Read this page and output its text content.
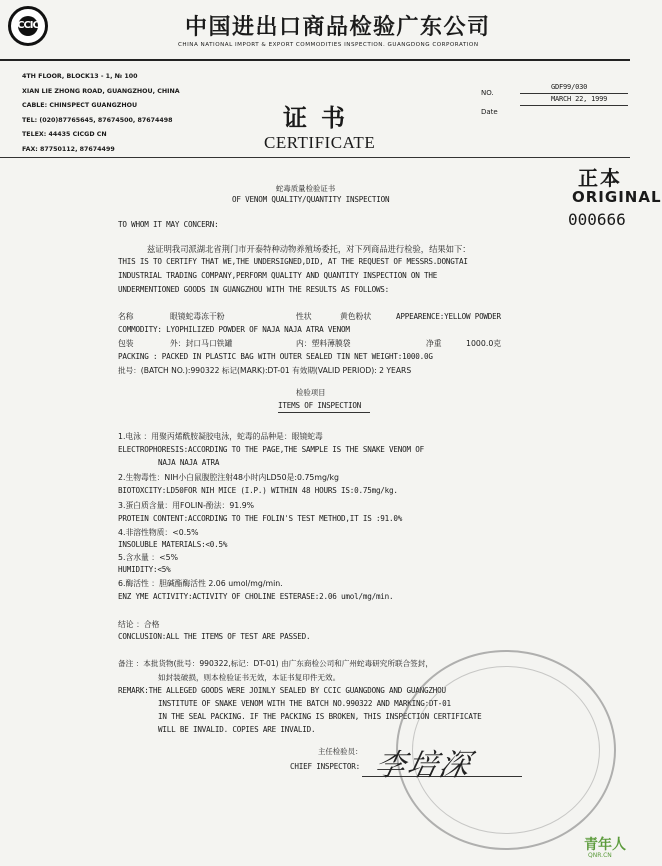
CCIC	中国进出口商品检验广东公司
CHINA NATIONAL IMPORT & EXPORT COMMODITIES INSPECTION. GUANGDONG CORPORATION
4TH FLOOR, BLOCK13 - 1, № 100
XIAN LIE ZHONG ROAD, GUANGZHOU, CHINA
CABLE: CHINSPECT GUANGZHOU
TEL: (020)87765645, 87674500, 87674498
TELEX: 44435 CICGD CN
FAX: 87750112, 87674499
证书
CERTIFICATE
NO.
GDF99/030
Date
MARCH 22, 1999
正本
ORIGINAL
000666
蛇毒质量检验证书
OF VENOM QUALITY/QUANTITY INSPECTION
TO WHOM IT MAY CONCERN:
兹证明我司派湖北省荆门市开泰特种动物养殖场委托，对下列商品进行检验，结果如下：
THIS IS TO CERTIFY THAT WE,THE UNDERSIGNED,DID, AT THE REQUEST OF MESSRS.DONGTAI
INDUSTRIAL TRADING COMPANY,PERFORM QUALITY AND QUANTITY INSPECTION ON THE
UNDERMENTIONED GOODS IN GUANGZHOU WITH THE RESULTS AS FOLLOWS:
名称	眼镜蛇毒冻干粉	性状	黄色粉状	APPEARENCE:YELLOW POWDER
COMMODITY: LYOPHILIZED POWDER OF NAJA NAJA ATRA VENOM
包装	外：封口马口铁罐	内：塑料薄膜袋	净重	1000.0克
PACKING : PACKED IN PLASTIC BAG WITH OUTER SEALED TIN NET WEIGHT:1000.0G
批号：(BATCH NO.):990322 标记(MARK):DT-01 有效期(VALID PERIOD): 2 YEARS
检验项目
ITEMS OF INSPECTION
1.电泳 ：用聚丙烯酰胺凝胶电泳，蛇毒的品种是：眼镜蛇毒
ELECTROPHORESIS:ACCORDING TO THE PAGE,THE SAMPLE IS THE SNAKE VENOM OF
NAJA NAJA ATRA
2.生物毒性：NIH小白鼠腹腔注射48小时内LD50是:0.75mg/kg
BIOTOXCITY:LD50FOR NIH MICE (I.P.) WITHIN 48 HOURS IS:0.75mg/kg.
3.蛋白质含量：用FOLIN-酚法：91.9%
PROTEIN CONTENT:ACCORDING TO THE FOLIN'S TEST METHOD,IT IS :91.0%
4.非溶性物质：<0.5%
INSOLUBLE MATERIALS:<0.5%
5.含水量 ：<5%
HUMIDITY:<5%
6.酶活性 ：胆碱酯酶活性 2.06 umol/mg/min.
ENZ YME ACTIVITY:ACTIVITY OF CHOLINE ESTERASE:2.06 umol/mg/min.
结论 ：合格
CONCLUSION:ALL THE ITEMS OF TEST ARE PASSED.
备注 ：本批货物(批号：990322,标记：DT-01) 由广东商检公司和广州蛇毒研究所联合签封，
如封装破损，则本检验证书无效，本证书复印件无效。
REMARK:THE ALLEGED GOODS WERE JOINLY SEALED BY CCIC GUANGDONG AND GUANGZHOU
INSTITUTE OF SNAKE VENOM WITH THE BATCH NO.990322 AND MARKING:DT-01
IN THE SEAL PACKING. IF THE PACKING IS BROKEN, THIS INSPECTION CERTIFICATE
WILL BE INVALID. COPIES ARE INVALID.
主任检验员：
CHIEF INSPECTOR: 李培深
青年人
QNR.CN
